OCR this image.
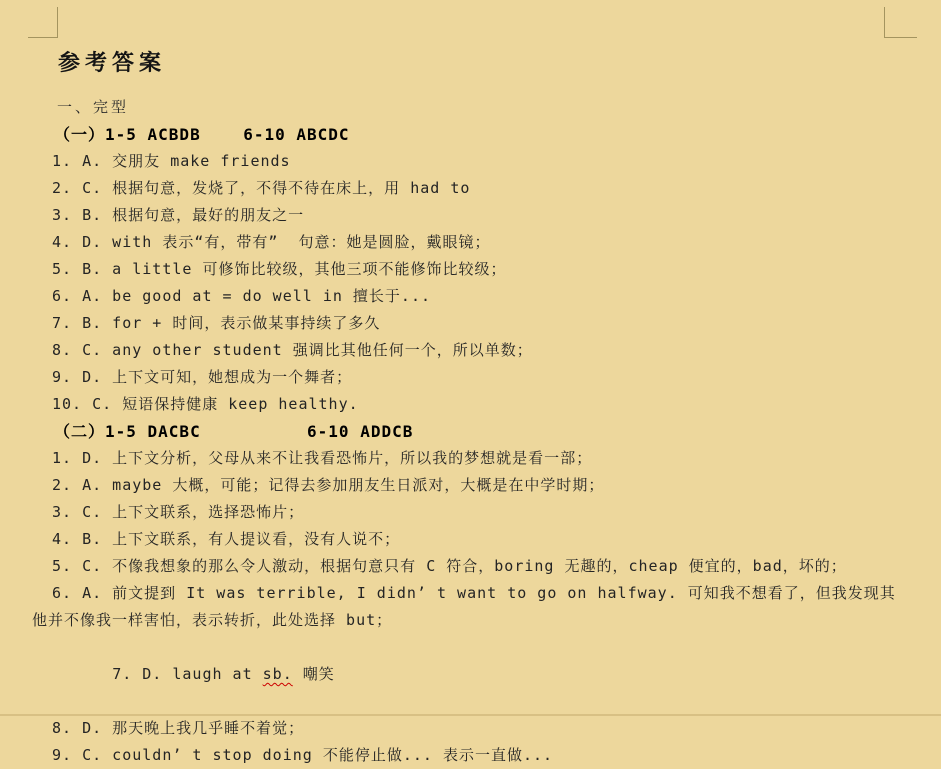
参考答案
一、完型
（一）1-5 ACBDB    6-10 ABCDC
1. A. 交朋友 make friends
2. C. 根据句意，发烧了，不得不待在床上，用 had to
3. B. 根据句意，最好的朋友之一
4. D. with 表示“有，带有”  句意：她是圆脸，戴眼镜；
5. B. a little 可修饰比较级，其他三项不能修饰比较级；
6. A. be good at = do well in 擅长于...
7. B. for + 时间，表示做某事持续了多久
8. C. any other student 强调比其他任何一个，所以单数；
9. D. 上下文可知，她想成为一个舞者；
10. C. 短语保持健康 keep healthy.
（二）1-5 DACBC          6-10 ADDCB
1. D. 上下文分析，父母从来不让我看恐怖片，所以我的梦想就是看一部；
2. A. maybe 大概，可能；记得去参加朋友生日派对，大概是在中学时期；
3. C. 上下文联系，选择恐怖片；
4. B. 上下文联系，有人提议看，没有人说不；
5. C. 不像我想象的那么令人激动，根据句意只有 C 符合，boring 无趣的，cheap 便宜的，bad，坏的；
6. A. 前文提到 It was terrible, I didn’ t want to go on halfway. 可知我不想看了，但我发现其
他并不像我一样害怕，表示转折，此处选择 but；

7. D. laugh at sb. 嘲笑

8. D. 那天晚上我几乎睡不着觉；
9. C. couldn’ t stop doing 不能停止做... 表示一直做...
